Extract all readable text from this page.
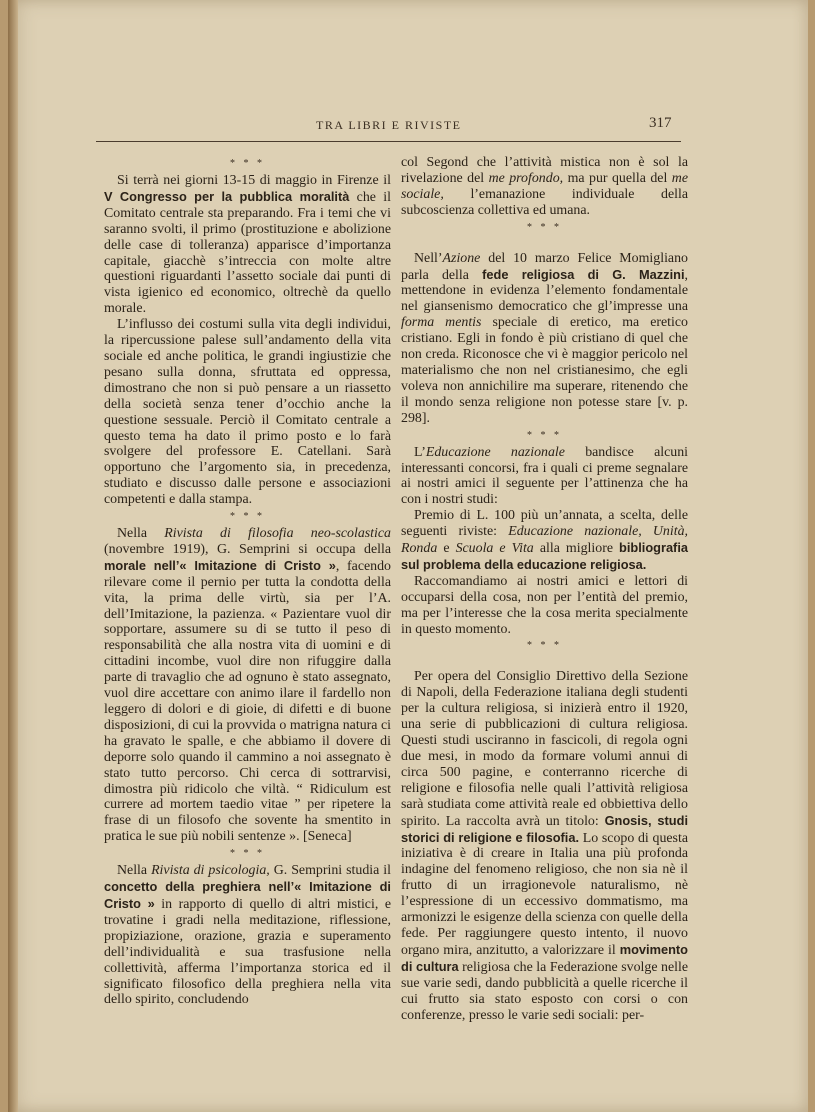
TRA LIBRI E RIVISTE	317
* * *

Si terrà nei giorni 13-15 di maggio in Firenze il V Congresso per la pubblica moralità che il Comitato centrale sta preparando. Fra i temi che vi saranno svolti, il primo (prostituzione e abolizione delle case di tolleranza) apparisce d’importanza capitale, giacchè s’intreccia con molte altre questioni riguardanti l’assetto sociale dai punti di vista igienico ed economico, oltrechè da quello morale.

L’influsso dei costumi sulla vita degli individui, la ripercussione palese sull’andamento della vita sociale ed anche politica, le grandi ingiustizie che pesano sulla donna, sfruttata ed oppressa, dimostrano che non si può pensare a un riassetto della società senza tener d’occhio anche la questione sessuale. Perciò il Comitato centrale a questo tema ha dato il primo posto e lo farà svolgere del professore E. Catellani. Sarà opportuno che l’argomento sia, in precedenza, studiato e discusso dalle persone e associazioni competenti e dalla stampa.

* * *

Nella Rivista di filosofia neo-scolastica (novembre 1919), G. Semprini si occupa della morale nell’« Imitazione di Cristo », facendo rilevare come il pernio per tutta la condotta della vita, la prima delle virtù, sia per l’A. dell’Imitazione, la pazienza. « Pazientare vuol dir sopportare, assumere su di se tutto il peso di responsabilità che alla nostra vita di uomini e di cittadini incombe, vuol dire non rifuggire dalla parte di travaglio che ad ognuno è stato assegnato, vuol dire accettare con animo ilare il fardello non leggero di dolori e di gioie, di difetti e di buone disposizioni, di cui la provvida o matrigna natura ci ha gravato le spalle, e che abbiamo il dovere di deporre solo quando il cammino a noi assegnato è stato tutto percorso. Chi cerca di sottrarvisi, dimostra più ridicolo che viltà. “ Ridiculum est currere ad mortem taedio vitae ” per ripetere la frase di un filosofo che sovente ha smentito in pratica le sue più nobili sentenze ». [Seneca]

* * *

Nella Rivista di psicologia, G. Semprini studia il concetto della preghiera nell’« Imitazione di Cristo » in rapporto di quello di altri mistici, e trovatine i gradi nella meditazione, riflessione, propiziazione, orazione, grazia e superamento dell’individualità e sua trasfusione nella collettività, afferma l’importanza storica ed il significato filosofico della preghiera nella vita dello spirito, concludendo

col Segond che l’attività mistica non è sol la rivelazione del me profondo, ma pur quella del me sociale, l’emanazione individuale della subcoscienza collettiva ed umana.

* * *

Nell’Azione del 10 marzo Felice Momigliano parla della fede religiosa di G. Mazzini, mettendone in evidenza l’elemento fondamentale nel giansenismo democratico che gl’impresse una forma mentis speciale di eretico, ma eretico cristiano. Egli in fondo è più cristiano di quel che non creda. Riconosce che vi è maggior pericolo nel materialismo che non nel cristianesimo, che egli voleva non annichilire ma superare, ritenendo che il mondo senza religione non potesse stare [v. p. 298].

* * *

L’Educazione nazionale bandisce alcuni interessanti concorsi, fra i quali ci preme segnalare ai nostri amici il seguente per l’attinenza che ha con i nostri studi:

Premio di L. 100 più un’annata, a scelta, delle seguenti riviste: Educazione nazionale, Unità, Ronda e Scuola e Vita alla migliore bibliografia sul problema della educazione religiosa.

Raccomandiamo ai nostri amici e lettori di occuparsi della cosa, non per l’entità del premio, ma per l’interesse che la cosa merita specialmente in questo momento.

* * *

Per opera del Consiglio Direttivo della Sezione di Napoli, della Federazione italiana degli studenti per la cultura religiosa, si inizierà entro il 1920, una serie di pubblicazioni di cultura religiosa. Questi studi usciranno in fascicoli, di regola ogni due mesi, in modo da formare volumi annui di circa 500 pagine, e conterranno ricerche di religione e filosofia nelle quali l’attività religiosa sarà studiata come attività reale ed obbiettiva dello spirito. La raccolta avrà un titolo: Gnosis, studi storici di religione e filosofia. Lo scopo di questa iniziativa è di creare in Italia una più profonda indagine del fenomeno religioso, che non sia nè il frutto di un irragionevole naturalismo, nè l’espressione di un eccessivo dommatismo, ma armonizzi le esigenze della scienza con quelle della fede. Per raggiungere questo intento, il nuovo organo mira, anzitutto, a valorizzare il movimento di cultura religiosa che la Federazione svolge nelle sue varie sedi, dando pubblicità a quelle ricerche il cui frutto sia stato esposto con corsi o con conferenze, presso le varie sedi sociali: per-
